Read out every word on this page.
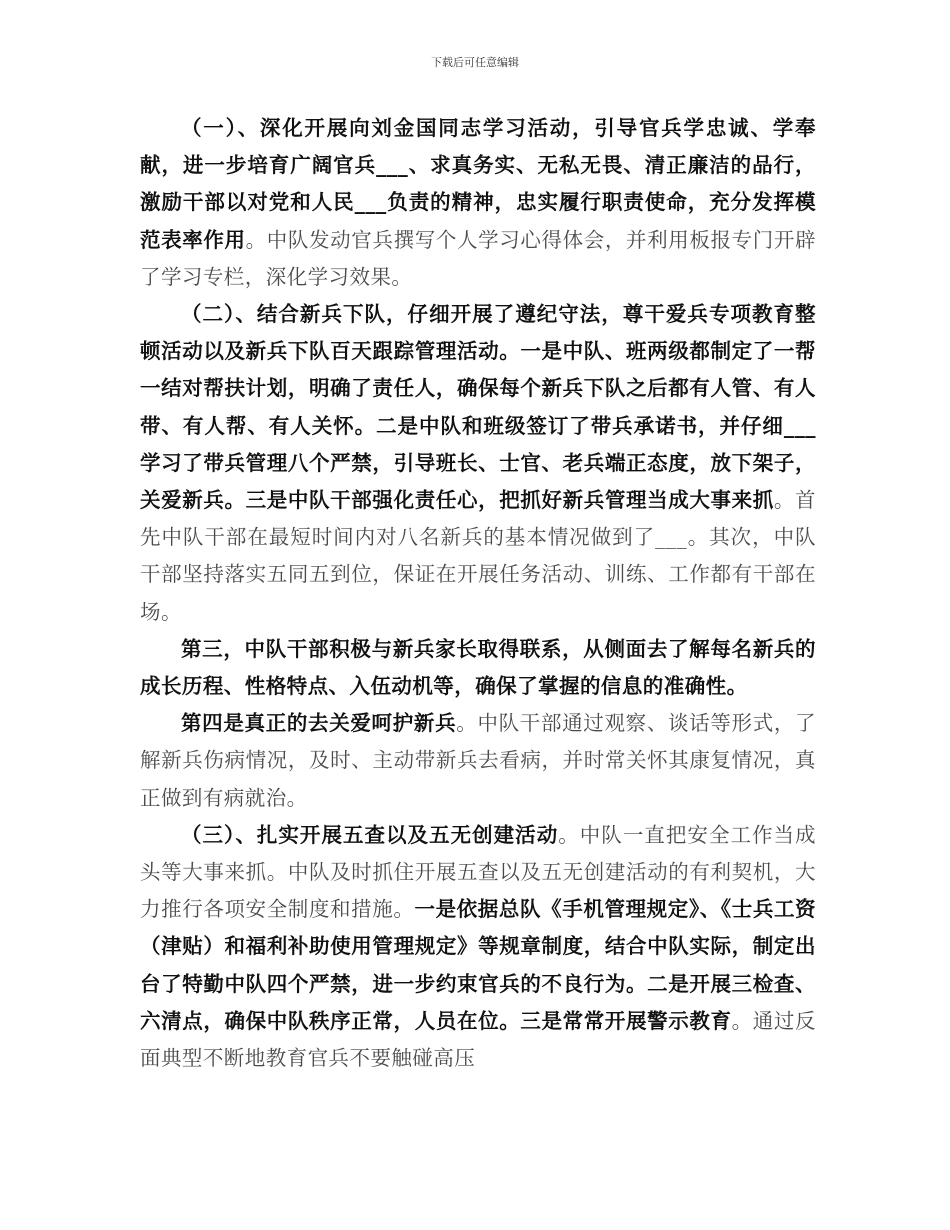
下载后可任意编辑

（一）、深化开展向刘金国同志学习活动，引导官兵学忠诚、学奉献，进一步培育广阔官兵___、求真务实、无私无畏、清正廉洁的品行，激励干部以对党和人民___负责的精神，忠实履行职责使命，充分发挥模范表率作用。中队发动官兵撰写个人学习心得体会，并利用板报专门开辟了学习专栏，深化学习效果。

（二）、结合新兵下队，仔细开展了遵纪守法，尊干爱兵专项教育整顿活动以及新兵下队百天跟踪管理活动。一是中队、班两级都制定了一帮一结对帮扶计划，明确了责任人，确保每个新兵下队之后都有人管、有人带、有人帮、有人关怀。二是中队和班级签订了带兵承诺书，并仔细___学习了带兵管理八个严禁，引导班长、士官、老兵端正态度，放下架子，关爱新兵。三是中队干部强化责任心，把抓好新兵管理当成大事来抓。首先中队干部在最短时间内对八名新兵的基本情况做到了___。其次，中队干部坚持落实五同五到位，保证在开展任务活动、训练、工作都有干部在场。

第三，中队干部积极与新兵家长取得联系，从侧面去了解每名新兵的成长历程、性格特点、入伍动机等，确保了掌握的信息的准确性。

第四是真正的去关爱呵护新兵。中队干部通过观察、谈话等形式，了解新兵伤病情况，及时、主动带新兵去看病，并时常关怀其康复情况，真正做到有病就治。

（三）、扎实开展五查以及五无创建活动。中队一直把安全工作当成头等大事来抓。中队及时抓住开展五查以及五无创建活动的有利契机，大力推行各项安全制度和措施。一是依据总队《手机管理规定》、《士兵工资（津贴）和福利补助使用管理规定》等规章制度，结合中队实际，制定出台了特勤中队四个严禁，进一步约束官兵的不良行为。二是开展三检查、六清点，确保中队秩序正常，人员在位。三是常常开展警示教育。通过反面典型不断地教育官兵不要触碰高压
